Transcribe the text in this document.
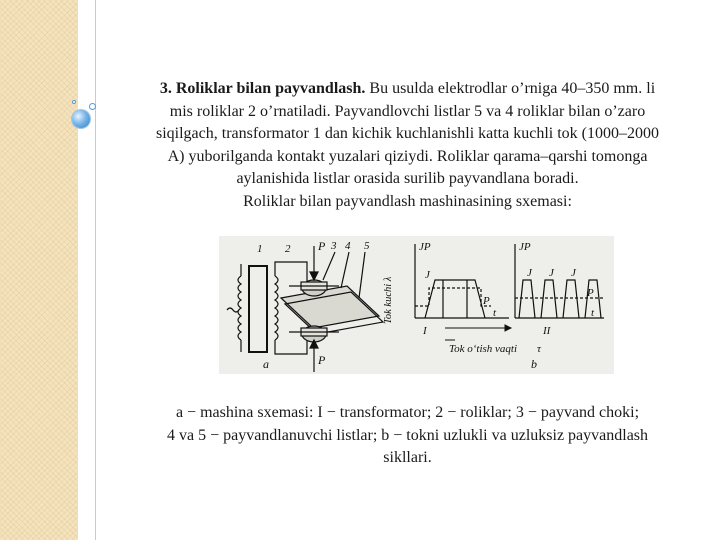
3. Roliklar bilan payvandlash. Bu usulda elektrodlar o’rniga 40–350 mm. li
mis roliklar 2 o’rnatiladi. Payvandlovchi listlar 5 va 4 roliklar bilan o’zaro
siqilgach, transformator 1 dan kichik kuchlanishli katta kuchli tok (1000–2000
A) yuborilganda kontakt yuzalari qiziydi. Roliklar qarama–qarshi tomonga
aylanishida listlar orasida surilib payvandlana boradi.
Roliklar bilan payvandlash mashinasining sxemasi:
1 2 P 3 4 5
P
a
Tok kuchi λ
JP
J
P
t
I
JP
J J J
P
t
II
Tok o‘tish vaqti τ
b
a − mashina sxemasi: I − transformator; 2 − roliklar; 3 − payvand choki;
4 va 5 − payvandlanuvchi listlar; b − tokni uzlukli va uzluksiz payvandlash
sikllari.
